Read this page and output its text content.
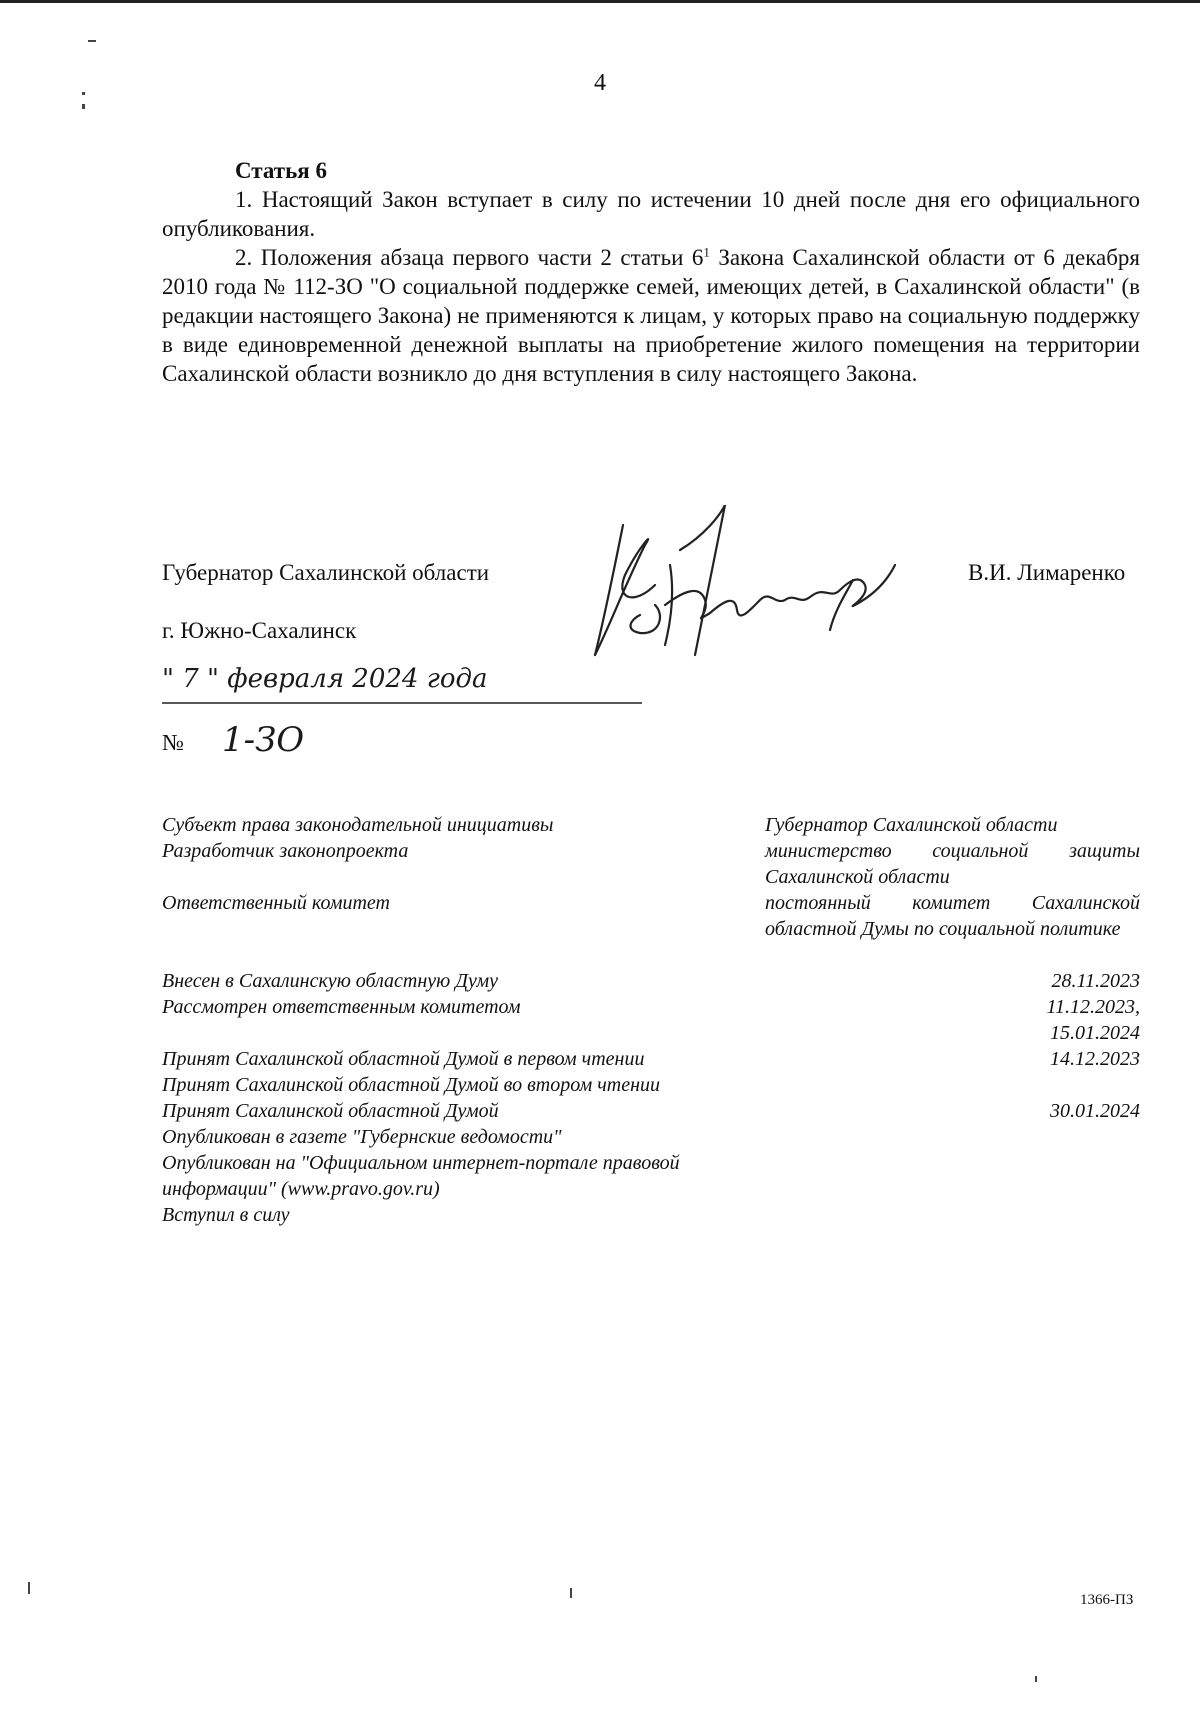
4
Статья 6

1. Настоящий Закон вступает в силу по истечении 10 дней после дня его официального опубликования.

2. Положения абзаца первого части 2 статьи $6^1$ Закона Сахалинской области от 6 декабря 2010 года № 112-ЗО "О социальной поддержке семей, имеющих детей, в Сахалинской области" (в редакции настоящего Закона) не применяются к лицам, у которых право на социальную поддержку в виде единовременной денежной выплаты на приобретение жилого помещения на территории Сахалинской области возникло до дня вступления в силу настоящего Закона.

Губернатор Сахалинской области	В.И. Лимаренко
г. Южно-Сахалинск
" 7 " февраля 2024 года
№ 1-ЗО
Субъект права законодательной инициативы
Разработчик законопроекта
Ответственный комитет
Губернатор Сахалинской области
министерство социальной защиты Сахалинской области
постоянный комитет Сахалинской областной Думы по социальной политике
Внесен в Сахалинскую областную Думу
Рассмотрен ответственным комитетом
Принят Сахалинской областной Думой в первом чтении
Принят Сахалинской областной Думой во втором чтении
Принят Сахалинской областной Думой
Опубликован в газете "Губернские ведомости"
Опубликован на "Официальном интернет-портале правовой информации" (www.pravo.gov.ru)
Вступил в силу
28.11.2023
11.12.2023,
15.01.2024
14.12.2023
30.01.2024
1366-ПЗ
